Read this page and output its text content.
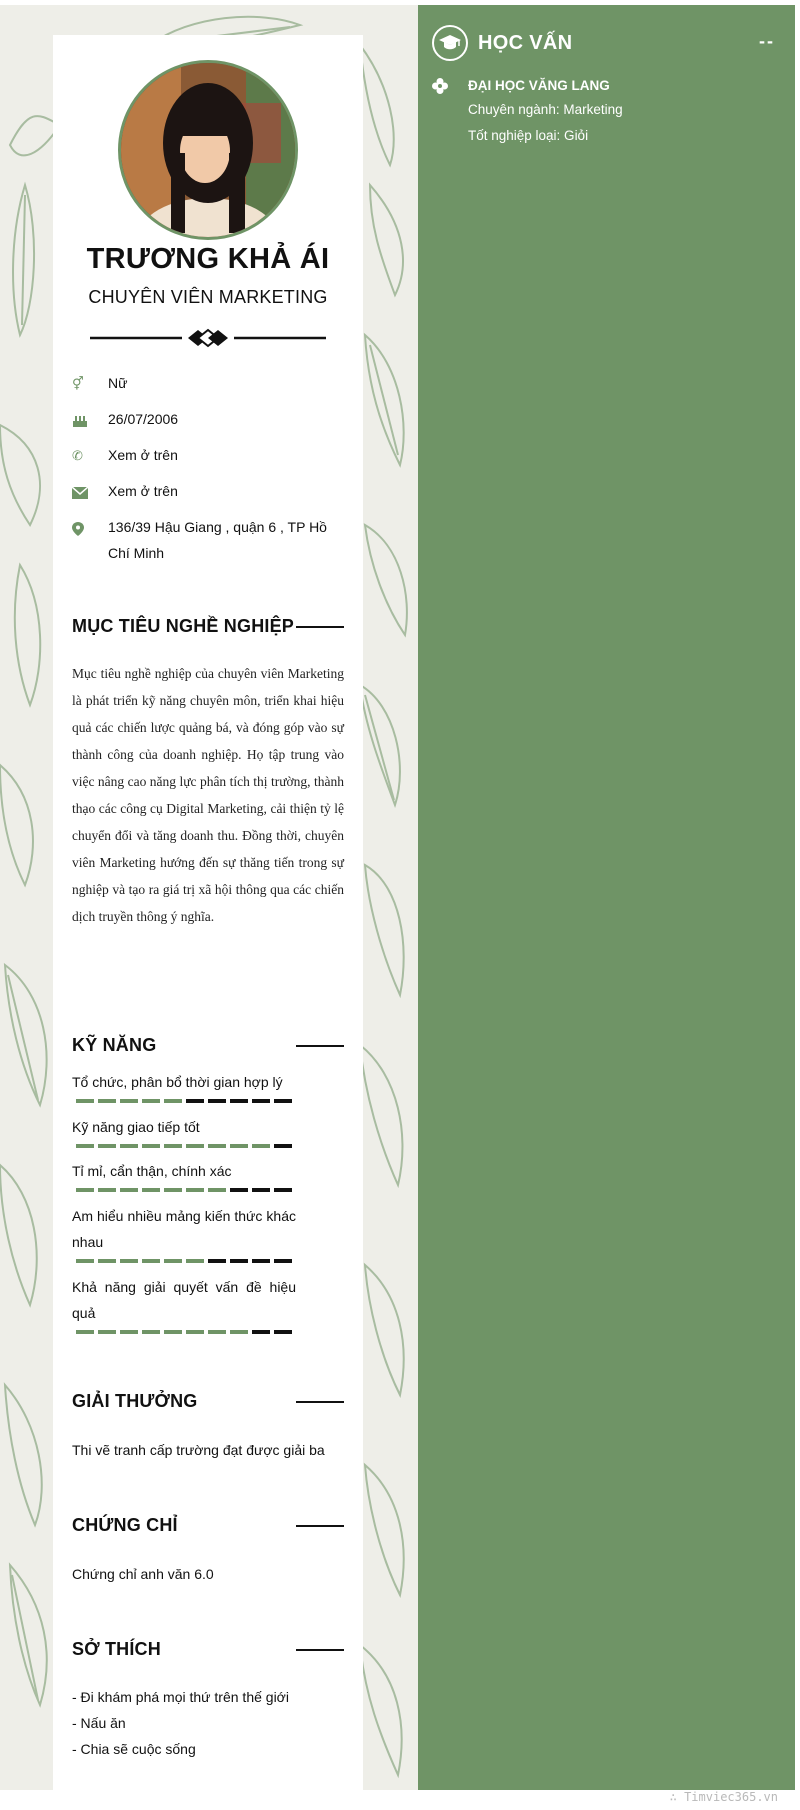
TRƯƠNG KHẢ ÁI
CHUYÊN VIÊN MARKETING
⚥	Nữ
26/07/2006
✆	Xem ở trên
Xem ở trên
136/39 Hậu Giang , quận 6 , TP Hồ Chí Minh
MỤC TIÊU NGHỀ NGHIỆP
Mục tiêu nghề nghiệp của chuyên viên Marketing là phát triển kỹ năng chuyên môn, triển khai hiệu quả các chiến lược quảng bá, và đóng góp vào sự thành công của doanh nghiệp. Họ tập trung vào việc nâng cao năng lực phân tích thị trường, thành thạo các công cụ Digital Marketing, cải thiện tỷ lệ chuyển đổi và tăng doanh thu. Đồng thời, chuyên viên Marketing hướng đến sự thăng tiến trong sự nghiệp và tạo ra giá trị xã hội thông qua các chiến dịch truyền thông ý nghĩa.
KỸ NĂNG
Tổ chức, phân bổ thời gian hợp lý
Kỹ năng giao tiếp tốt
Tỉ mỉ, cẩn thận, chính xác
Am hiểu nhiều mảng kiến thức khác nhau
Khả năng giải quyết vấn đề hiệu quả
GIẢI THƯỞNG
Thi vẽ tranh cấp trường đạt được giải ba
CHỨNG CHỈ
Chứng chỉ anh văn 6.0
SỞ THÍCH
- Đi khám phá mọi thứ trên thế giới
- Nấu ăn
- Chia sẽ cuộc sống
HỌC VẤN	--
ĐẠI HỌC VĂNG LANG
Chuyên ngành: Marketing
Tốt nghiệp loại: Giỏi
∴ Timviec365.vn
